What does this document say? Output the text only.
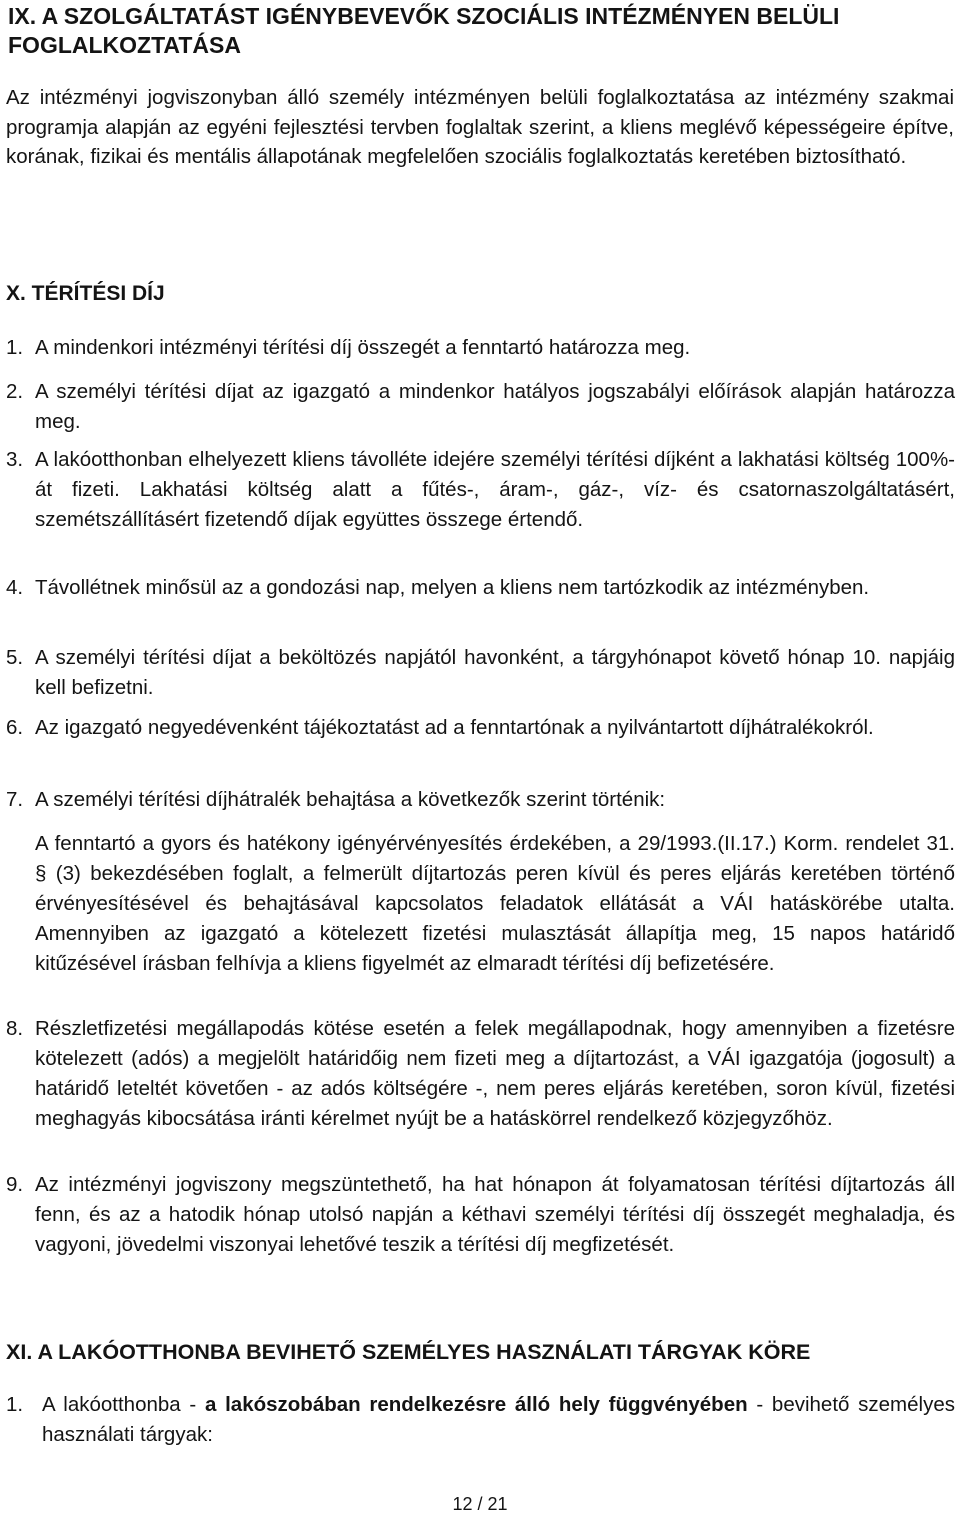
IX. A SZOLGÁLTATÁST IGÉNYBEVEVŐK SZOCIÁLIS INTÉZMÉNYEN BELÜLI FOGLALKOZTATÁSA

Az intézményi jogviszonyban álló személy intézményen belüli foglalkoztatása az intézmény szakmai programja alapján az egyéni fejlesztési tervben foglaltak szerint, a kliens meglévő képességeire építve, korának, fizikai és mentális állapotának megfelelően szociális foglalkoztatás keretében biztosítható.

X. TÉRÍTÉSI DÍJ
1. A mindenkori intézményi térítési díj összegét a fenntartó határozza meg.

2. A személyi térítési díjat az igazgató a mindenkor hatályos jogszabályi előírások alapján határozza meg.

3. A lakóotthonban elhelyezett kliens távolléte idejére személyi térítési díjként a lakhatási költség 100%-át fizeti. Lakhatási költség alatt a fűtés-, áram-, gáz-, víz- és csatornaszolgáltatásért, szemétszállításért fizetendő díjak együttes összege értendő.

4. Távollétnek minősül az a gondozási nap, melyen a kliens nem tartózkodik az intézményben.

5. A személyi térítési díjat a beköltözés napjától havonként, a tárgyhónapot követő hónap 10. napjáig kell befizetni.

6. Az igazgató negyedévenként tájékoztatást ad a fenntartónak a nyilvántartott díjhátralékokról.

7. A személyi térítési díjhátralék behajtása a következők szerint történik:

A fenntartó a gyors és hatékony igényérvényesítés érdekében, a 29/1993.(II.17.) Korm. rendelet 31. § (3) bekezdésében foglalt, a felmerült díjtartozás peren kívül és peres eljárás keretében történő érvényesítésével és behajtásával kapcsolatos feladatok ellátását a VÁI hatáskörébe utalta. Amennyiben az igazgató a kötelezett fizetési mulasztását állapítja meg, 15 napos határidő kitűzésével írásban felhívja a kliens figyelmét az elmaradt térítési díj befizetésére.

8. Részletfizetési megállapodás kötése esetén a felek megállapodnak, hogy amennyiben a fizetésre kötelezett (adós) a megjelölt határidőig nem fizeti meg a díjtartozást, a VÁI igazgatója (jogosult) a határidő leteltét követően - az adós költségére -, nem peres eljárás keretében, soron kívül, fizetési meghagyás kibocsátása iránti kérelmet nyújt be a hatáskörrel rendelkező közjegyzőhöz.

9. Az intézményi jogviszony megszüntethető, ha hat hónapon át folyamatosan térítési díjtartozás áll fenn, és az a hatodik hónap utolsó napján a kéthavi személyi térítési díj összegét meghaladja, és vagyoni, jövedelmi viszonyai lehetővé teszik a térítési díj megfizetését.

XI. A LAKÓOTTHONBA BEVIHETŐ SZEMÉLYES HASZNÁLATI TÁRGYAK KÖRE
1. A lakóotthonba - a lakószobában rendelkezésre álló hely függvényében - bevihető személyes használati tárgyak:

12 / 21
